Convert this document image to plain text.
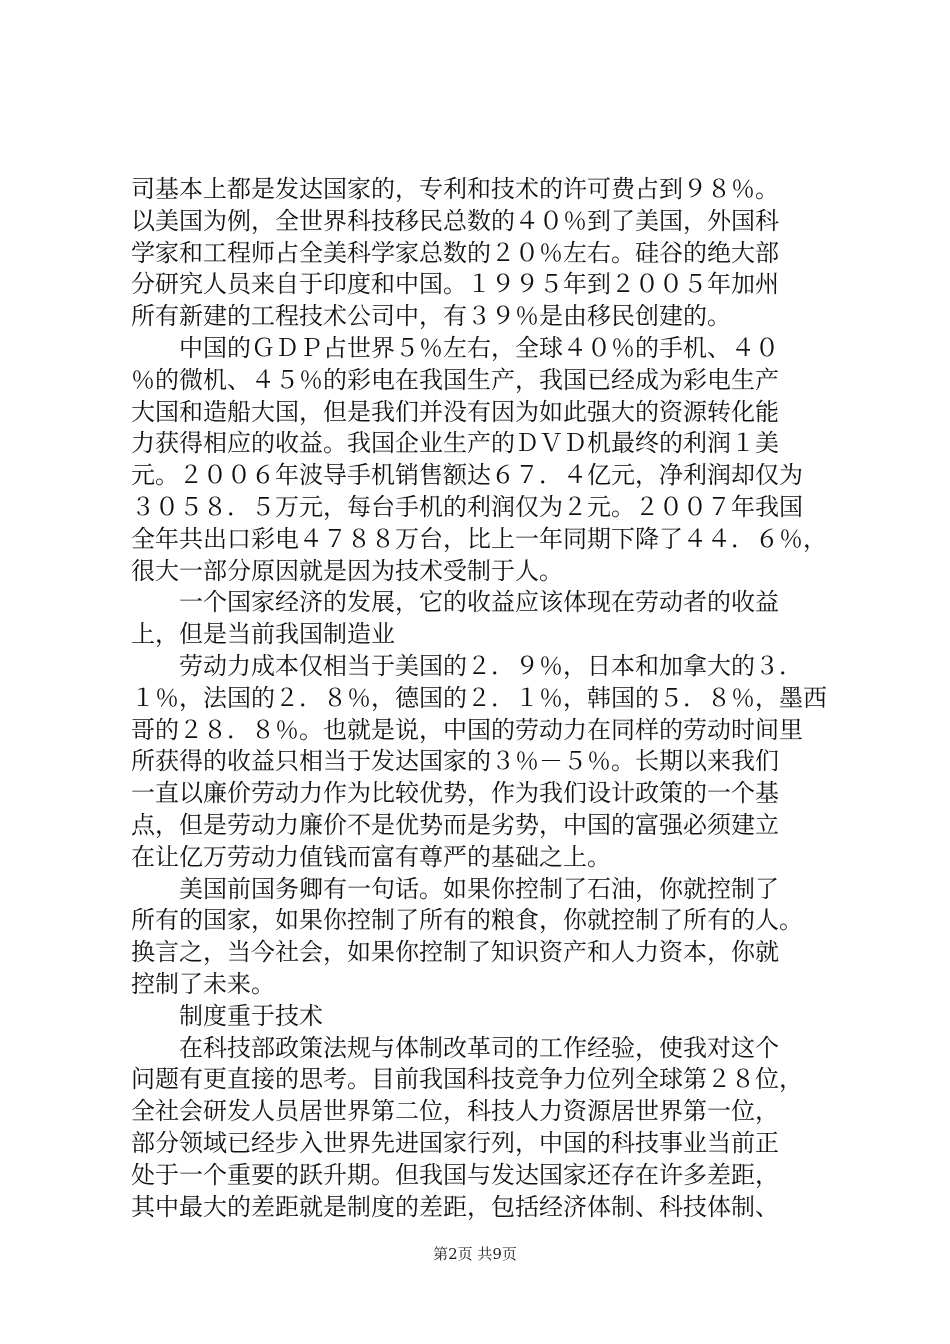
司基本上都是发达国家的，专利和技术的许可费占到９８％。
以美国为例，全世界科技移民总数的４０％到了美国，外国科
学家和工程师占全美科学家总数的２０％左右。硅谷的绝大部
分研究人员来自于印度和中国。１９９５年到２００５年加州
所有新建的工程技术公司中，有３９％是由移民创建的。
　　中国的ＧＤＰ占世界５％左右，全球４０％的手机、４０
％的微机、４５％的彩电在我国生产，我国已经成为彩电生产
大国和造船大国，但是我们并没有因为如此强大的资源转化能
力获得相应的收益。我国企业生产的ＤＶＤ机最终的利润１美
元。２００６年波导手机销售额达６７．４亿元，净利润却仅为
３０５８．５万元，每台手机的利润仅为２元。２００７年我国
全年共出口彩电４７８８万台，比上一年同期下降了４４．６％，
很大一部分原因就是因为技术受制于人。
　　一个国家经济的发展，它的收益应该体现在劳动者的收益
上，但是当前我国制造业
　　劳动力成本仅相当于美国的２．９％，日本和加拿大的３．
１％，法国的２．８％，德国的２．１％，韩国的５．８％，墨西
哥的２８．８％。也就是说，中国的劳动力在同样的劳动时间里
所获得的收益只相当于发达国家的３％－５％。长期以来我们
一直以廉价劳动力作为比较优势，作为我们设计政策的一个基
点，但是劳动力廉价不是优势而是劣势，中国的富强必须建立
在让亿万劳动力值钱而富有尊严的基础之上。
　　美国前国务卿有一句话。如果你控制了石油，你就控制了
所有的国家，如果你控制了所有的粮食，你就控制了所有的人。
换言之，当今社会，如果你控制了知识资产和人力资本，你就
控制了未来。
　　制度重于技术
　　在科技部政策法规与体制改革司的工作经验，使我对这个
问题有更直接的思考。目前我国科技竞争力位列全球第２８位，
全社会研发人员居世界第二位，科技人力资源居世界第一位，
部分领域已经步入世界先进国家行列，中国的科技事业当前正
处于一个重要的跃升期。但我国与发达国家还存在许多差距，
其中最大的差距就是制度的差距，包括经济体制、科技体制、
第2页 共9页
